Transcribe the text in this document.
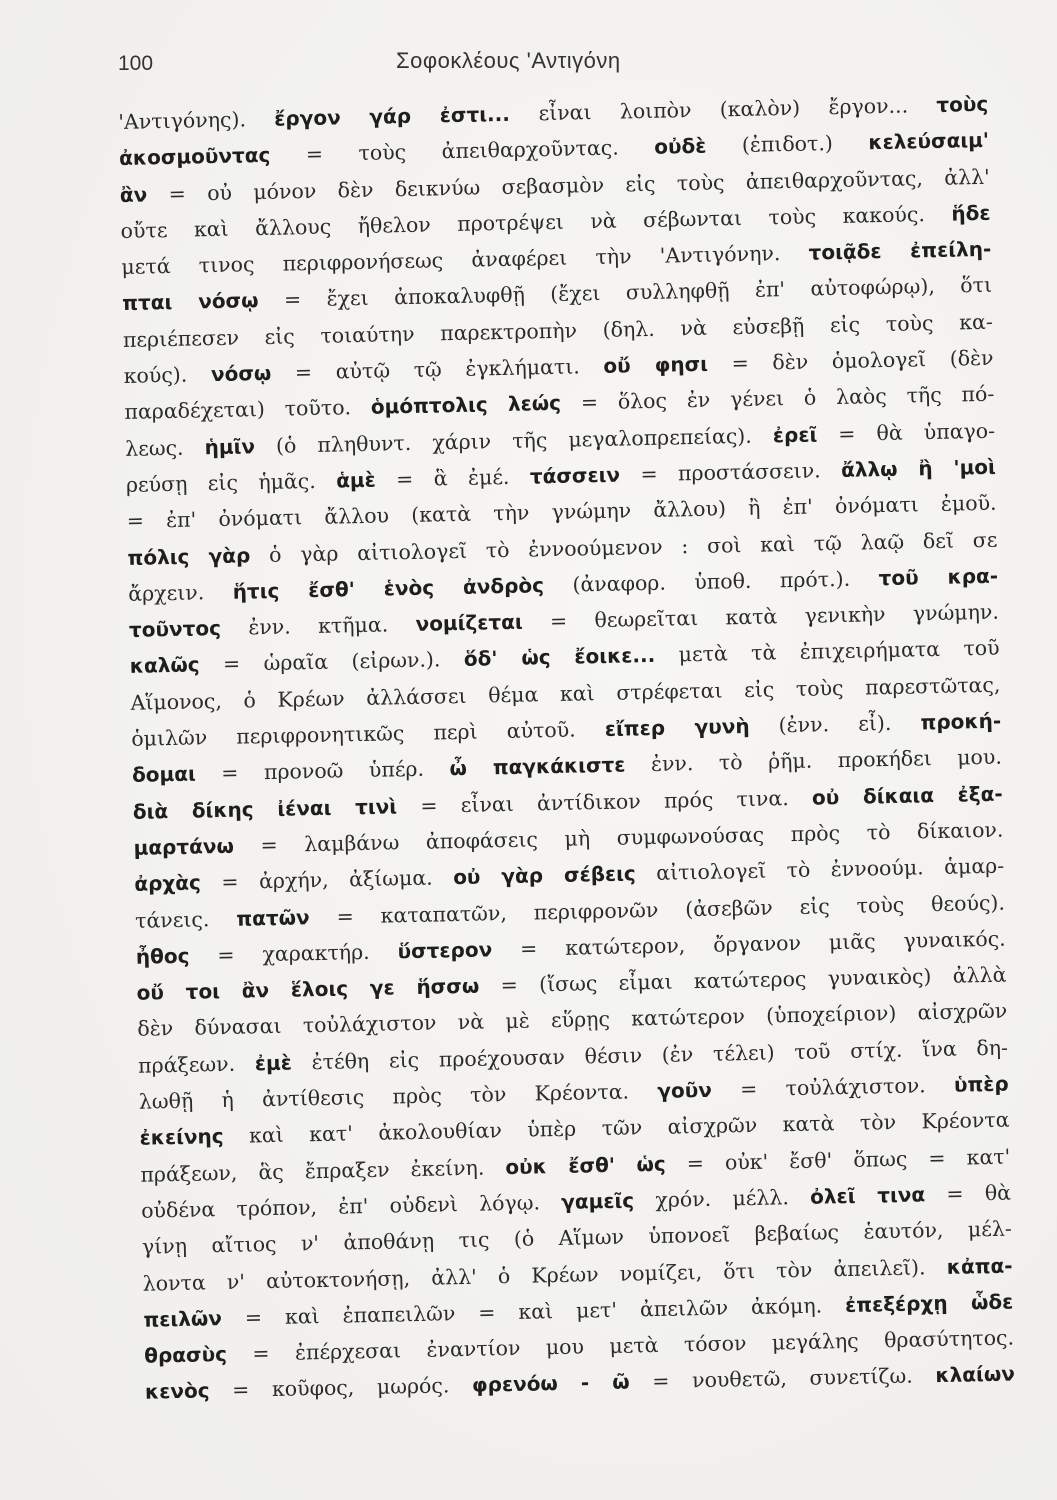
100	Σοφοκλέους 'Αντιγόνη
'Αντιγόνης). ἔργον γάρ ἐστι... εἶναι λοιπὸν (καλὸν) ἔργον... τοὺς
ἀκοσμοῦντας = τοὺς ἀπειθαρχοῦντας. οὐδὲ (ἐπιδοτ.) κελεύσαιμ'
ἂν = οὐ μόνον δὲν δεικνύω σεβασμὸν εἰς τοὺς ἀπειθαρχοῦντας, ἀλλ'
οὔτε καὶ ἄλλους ἤθελον προτρέψει νὰ σέβωνται τοὺς κακούς. ἥδε
μετά τινος περιφρονήσεως ἀναφέρει τὴν 'Αντιγόνην. τοιᾷδε ἐπείλη-
πται νόσῳ = ἔχει ἀποκαλυφθῇ (ἔχει συλληφθῇ ἐπ' αὐτοφώρῳ), ὅτι
περιέπεσεν εἰς τοιαύτην παρεκτροπὴν (δηλ. νὰ εὐσεβῇ εἰς τοὺς κα-
κούς). νόσῳ = αὐτῷ τῷ ἐγκλήματι. οὔ φησι = δὲν ὁμολογεῖ (δὲν
παραδέχεται) τοῦτο. ὁμόπτολις λεώς = ὅλος ἐν γένει ὁ λαὸς τῆς πό-
λεως. ἡμῖν (ὁ πληθυντ. χάριν τῆς μεγαλοπρεπείας). ἐρεῖ = θὰ ὑπαγο-
ρεύσῃ εἰς ἡμᾶς. ἁμὲ = ἃ ἐμέ. τάσσειν = προστάσσειν. ἄλλῳ ἢ 'μοὶ
= ἐπ' ὀνόματι ἄλλου (κατὰ τὴν γνώμην ἄλλου) ἢ ἐπ' ὀνόματι ἐμοῦ.
πόλις γὰρ ὁ γὰρ αἰτιολογεῖ τὸ ἐννοούμενον : σοὶ καὶ τῷ λαῷ δεῖ σε
ἄρχειν. ἥτις ἔσθ' ἑνὸς ἀνδρὸς (ἀναφορ. ὑποθ. πρότ.). τοῦ κρα-
τοῦντος ἐνν. κτῆμα. νομίζεται = θεωρεῖται κατὰ γενικὴν γνώμην.
καλῶς = ὡραῖα (εἰρων.). ὅδ' ὡς ἔοικε... μετὰ τὰ ἐπιχειρήματα τοῦ
Αἵμονος, ὁ Κρέων ἀλλάσσει θέμα καὶ στρέφεται εἰς τοὺς παρεστῶτας,
ὁμιλῶν περιφρονητικῶς περὶ αὐτοῦ. εἴπερ γυνὴ (ἐνν. εἶ). προκή-
δομαι = προνοῶ ὑπέρ. ὦ παγκάκιστε ἐνν. τὸ ῥῆμ. προκήδει μου.
διὰ δίκης ἰέναι τινὶ = εἶναι ἀντίδικον πρός τινα. οὐ δίκαια ἐξα-
μαρτάνω = λαμβάνω ἀποφάσεις μὴ συμφωνούσας πρὸς τὸ δίκαιον.
ἀρχὰς = ἀρχήν, ἀξίωμα. οὐ γὰρ σέβεις αἰτιολογεῖ τὸ ἐννοούμ. ἁμαρ-
τάνεις. πατῶν = καταπατῶν, περιφρονῶν (ἀσεβῶν εἰς τοὺς θεούς).
ἦθος = χαρακτήρ. ὕστερον = κατώτερον, ὄργανον μιᾶς γυναικός.
οὔ τοι ἂν ἕλοις γε ἥσσω = (ἴσως εἶμαι κατώτερος γυναικὸς) ἀλλὰ
δὲν δύνασαι τοὐλάχιστον νὰ μὲ εὕρῃς κατώτερον (ὑποχείριον) αἰσχρῶν
πράξεων. ἐμὲ ἐτέθη εἰς προέχουσαν θέσιν (ἐν τέλει) τοῦ στίχ. ἵνα δη-
λωθῇ ἡ ἀντίθεσις πρὸς τὸν Κρέοντα. γοῦν = τοὐλάχιστον. ὑπὲρ
ἐκείνης καὶ κατ' ἀκολουθίαν ὑπὲρ τῶν αἰσχρῶν κατὰ τὸν Κρέοντα
πράξεων, ἃς ἔπραξεν ἐκείνη. οὐκ ἔσθ' ὡς = οὐκ' ἔσθ' ὅπως = κατ'
οὐδένα τρόπον, ἐπ' οὐδενὶ λόγῳ. γαμεῖς χρόν. μέλλ. ὀλεῖ τινα = θὰ
γίνῃ αἴτιος ν' ἀποθάνῃ τις (ὁ Αἵμων ὑπονοεῖ βεβαίως ἑαυτόν, μέλ-
λοντα ν' αὐτοκτονήσῃ, ἀλλ' ὁ Κρέων νομίζει, ὅτι τὸν ἀπειλεῖ). κἀπα-
πειλῶν = καὶ ἐπαπειλῶν = καὶ μετ' ἀπειλῶν ἀκόμη. ἐπεξέρχῃ ὧδε
θρασὺς = ἐπέρχεσαι ἐναντίον μου μετὰ τόσον μεγάλης θρασύτητος.
κενὸς = κοῦφος, μωρός. φρενόω - ῶ = νουθετῶ, συνετίζω. κλαίων
